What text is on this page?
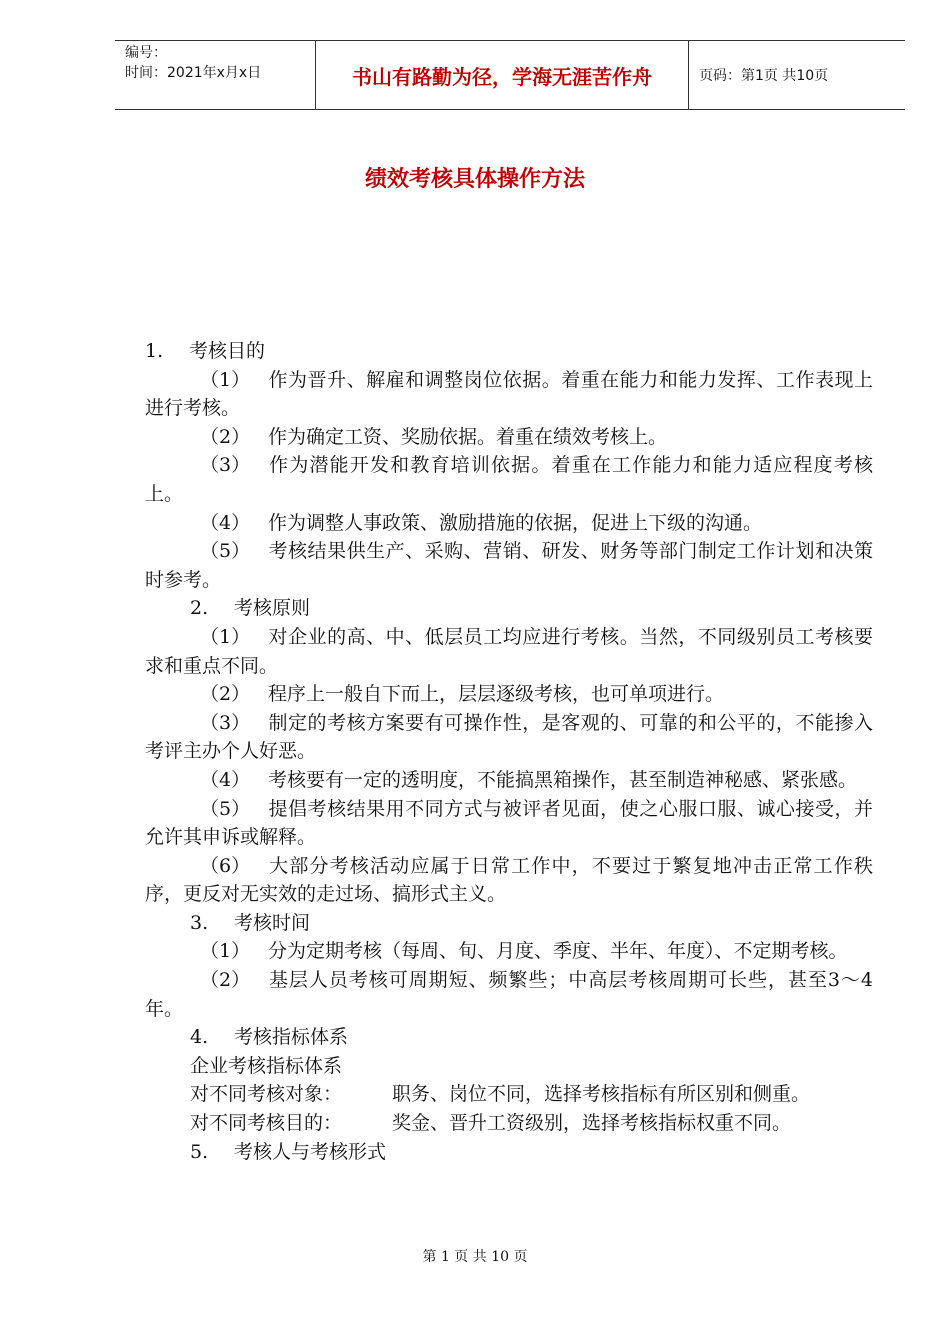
编号：
时间：2021年x月x日	书山有路勤为径，学海无涯苦作舟	页码：第1页 共10页
绩效考核具体操作方法

1. 考核目的

（1） 作为晋升、解雇和调整岗位依据。着重在能力和能力发挥、工作表现上进行考核。

（2） 作为确定工资、奖励依据。着重在绩效考核上。

（3） 作为潜能开发和教育培训依据。着重在工作能力和能力适应程度考核上。

（4） 作为调整人事政策、激励措施的依据，促进上下级的沟通。

（5） 考核结果供生产、采购、营销、研发、财务等部门制定工作计划和决策时参考。

2. 考核原则

（1） 对企业的高、中、低层员工均应进行考核。当然，不同级别员工考核要求和重点不同。

（2） 程序上一般自下而上，层层逐级考核，也可单项进行。

（3） 制定的考核方案要有可操作性，是客观的、可靠的和公平的，不能掺入考评主办个人好恶。

（4） 考核要有一定的透明度，不能搞黑箱操作，甚至制造神秘感、紧张感。

（5） 提倡考核结果用不同方式与被评者见面，使之心服口服、诚心接受，并允许其申诉或解释。

（6） 大部分考核活动应属于日常工作中，不要过于繁复地冲击正常工作秩序，更反对无实效的走过场、搞形式主义。

3. 考核时间

（1） 分为定期考核（每周、旬、月度、季度、半年、年度）、不定期考核。

（2） 基层人员考核可周期短、频繁些；中高层考核周期可长些，甚至3～4年。

4. 考核指标体系

企业考核指标体系

对不同考核对象：	职务、岗位不同，选择考核指标有所区别和侧重。

对不同考核目的：	奖金、晋升工资级别，选择考核指标权重不同。

5. 考核人与考核形式

第 1 页 共 10 页
